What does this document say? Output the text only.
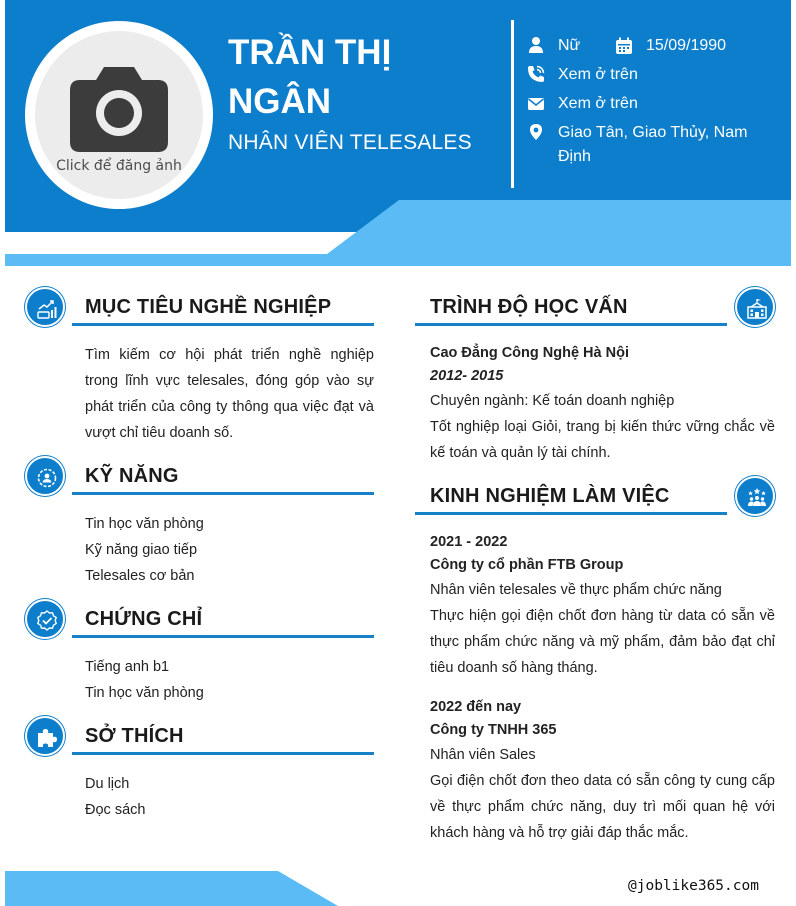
Click để đăng ảnh
TRẦN THỊ NGÂN
NHÂN VIÊN TELESALES
Nữ	15/09/1990
Xem ở trên
Xem ở trên
Giao Tân, Giao Thủy, Nam Định
MỤC TIÊU NGHỀ NGHIỆP
Tìm kiếm cơ hội phát triển nghề nghiệp trong lĩnh vực telesales, đóng góp vào sự phát triển của công ty thông qua việc đạt và vượt chỉ tiêu doanh số.
KỸ NĂNG
Tin học văn phòng
Kỹ năng giao tiếp
Telesales cơ bản
CHỨNG CHỈ
Tiếng anh b1
Tin học văn phòng
SỞ THÍCH
Du lịch
Đọc sách
TRÌNH ĐỘ HỌC VẤN
Cao Đẳng Công Nghệ Hà Nội
2012- 2015
Chuyên ngành: Kế toán doanh nghiệp
Tốt nghiệp loại Giỏi, trang bị kiến thức vững chắc về kế toán và quản lý tài chính.
KINH NGHIỆM LÀM VIỆC
2021 - 2022
Công ty cổ phần FTB Group
Nhân viên telesales về thực phẩm chức năng
Thực hiện gọi điện chốt đơn hàng từ data có sẵn về thực phẩm chức năng và mỹ phẩm, đảm bảo đạt chỉ tiêu doanh số hàng tháng.
2022 đến nay
Công ty TNHH 365
Nhân viên Sales
Gọi điện chốt đơn theo data có sẵn công ty cung cấp về thực phẩm chức năng, duy trì mối quan hệ với khách hàng và hỗ trợ giải đáp thắc mắc.
@joblike365.com
